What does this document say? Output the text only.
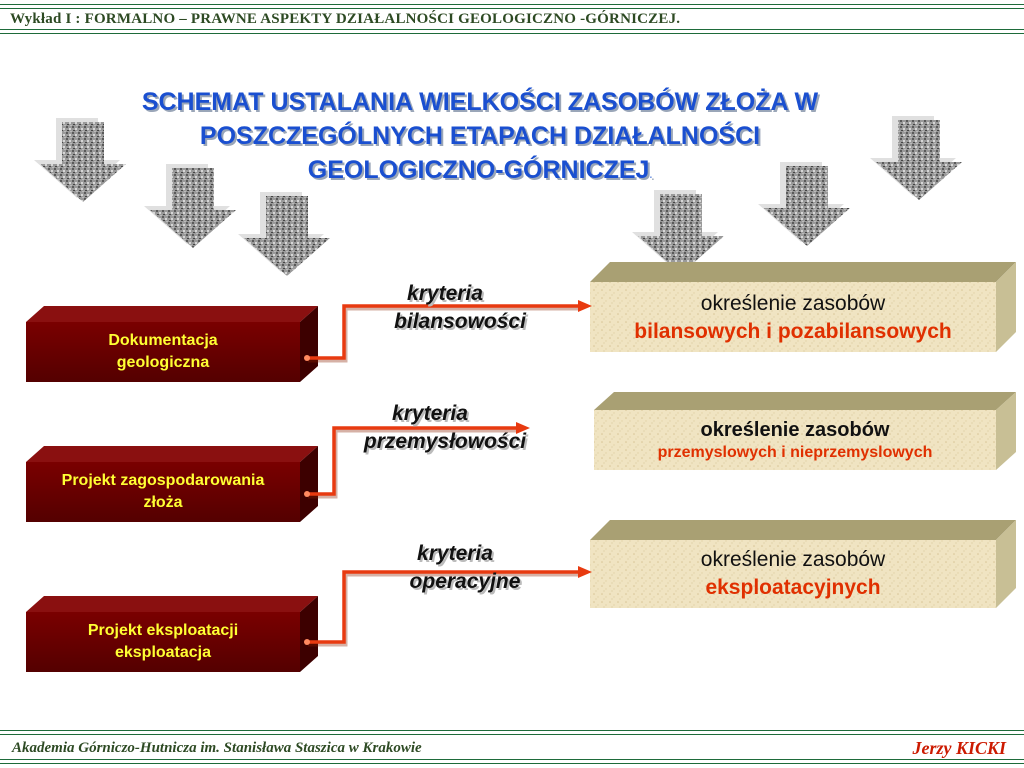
Wykład I : FORMALNO – PRAWNE ASPEKTY DZIAŁALNOŚCI GEOLOGICZNO -GÓRNICZEJ.
SCHEMAT USTALANIA WIELKOŚCI ZASOBÓW ZŁOŻA W
POSZCZEGÓLNYCH ETAPACH DZIAŁALNOŚCI
GEOLOGICZNO-GÓRNICZEJ.
Dokumentacja
geologiczna
Projekt zagospodarowania
złoża
Projekt eksploatacji
eksploatacja
kryteria
bilansowości
kryteria
przemysłowości
kryteria
operacyjne
określenie zasobów
bilansowych i pozabilansowych
określenie zasobów
przemyslowych i nieprzemyslowych
określenie zasobów
eksploatacyjnych
Akademia Górniczo-Hutnicza im. Stanisława Staszica w Krakowie	Jerzy KICKI
